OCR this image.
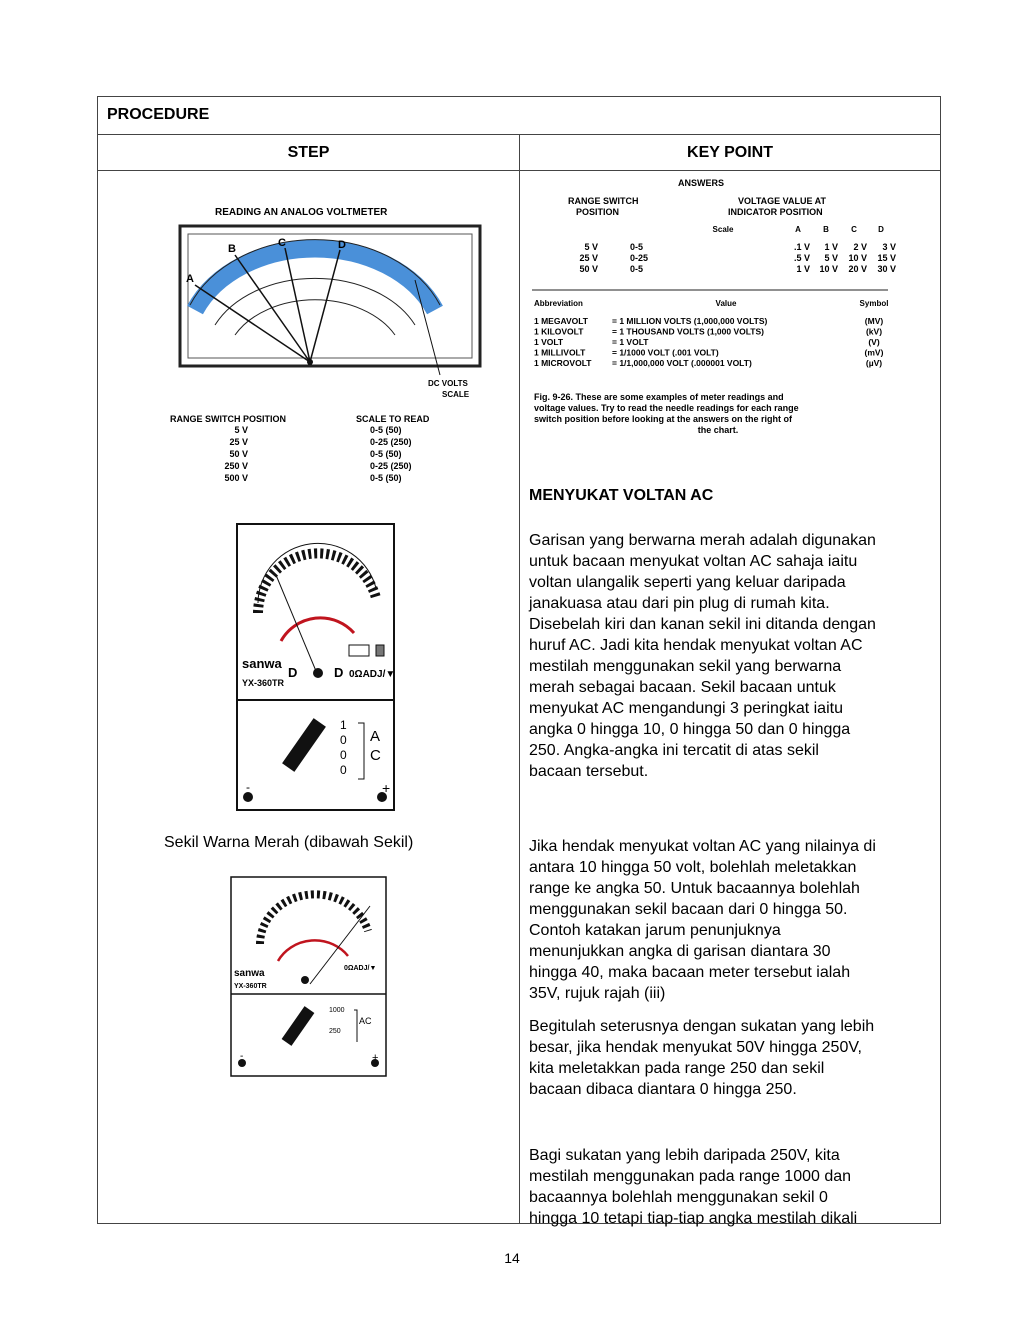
PROCEDURE
STEP	KEY POINT
READING AN ANALOG VOLTMETER
A
B	C	D
DC VOLTS
SCALE
RANGE SWITCH POSITION	SCALE TO READ
5 V	0-5 (50)
25 V	0-25 (250)
50 V	0-5 (50)
250 V	0-25 (250)
500 V	0-5 (50)
ANSWERS
RANGE SWITCH
POSITION
VOLTAGE VALUE AT
INDICATOR POSITION
Scale	A	B	C	D
5 V	0-5	.1 V 1 V 2 V 3 V
25 V	0-25	.5 V 5 V 10 V 15 V
50 V	0-5	1 V 10 V 20 V 30 V
Abbreviation	Value	Symbol
1 MEGAVOLT	= 1 MILLION VOLTS (1,000,000 VOLTS)	(MV)
1 KILOVOLT	= 1 THOUSAND VOLTS (1,000 VOLTS)	(kV)
1 VOLT	= 1 VOLT	(V)
1 MILLIVOLT	= 1/1000 VOLT (.001 VOLT)	(mV)
1 MICROVOLT = 1/1,000,000 VOLT (.000001 VOLT)	(µV)
Fig. 9-26. These are some examples of meter readings and
voltage values. Try to read the needle readings for each range
switch position before looking at the answers on the right of
the chart.
sanwa
YX-360TR
D	D 0ΩADJ/▼
1
0
0
0
A
C
-	+
Sekil Warna Merah (dibawah Sekil)
sanwa
YX-360TR
0ΩADJ/▼
1000
250
AC
-	+
MENYUKAT VOLTAN AC
Garisan yang berwarna merah adalah digunakan
untuk bacaan menyukat voltan AC sahaja iaitu
voltan ulangalik seperti yang keluar daripada
janakuasa atau dari pin plug di rumah kita.
Disebelah kiri dan kanan sekil ini ditanda dengan
huruf AC. Jadi kita hendak menyukat voltan AC
mestilah menggunakan sekil yang berwarna
merah sebagai bacaan. Sekil bacaan untuk
menyukat AC mengandungi 3 peringkat iaitu
angka 0 hingga 10, 0 hingga 50 dan 0 hingga
250. Angka-angka ini tercatit di atas sekil
bacaan tersebut.
Jika hendak menyukat voltan AC yang nilainya di
antara 10 hingga 50 volt, bolehlah meletakkan
range ke angka 50. Untuk bacaannya bolehlah
menggunakan sekil bacaan dari 0 hingga 50.
Contoh katakan jarum penunjuknya
menunjukkan angka di garisan diantara 30
hingga 40, maka bacaan meter tersebut ialah
35V, rujuk rajah (iii)
Begitulah seterusnya dengan sukatan yang lebih
besar, jika hendak menyukat 50V hingga 250V,
kita meletakkan pada range 250 dan sekil
bacaan dibaca diantara 0 hingga 250.
Bagi sukatan yang lebih daripada 250V, kita
mestilah menggunakan pada range 1000 dan
bacaannya bolehlah menggunakan sekil 0
hingga 10 tetapi tiap-tiap angka mestilah dikali
14
